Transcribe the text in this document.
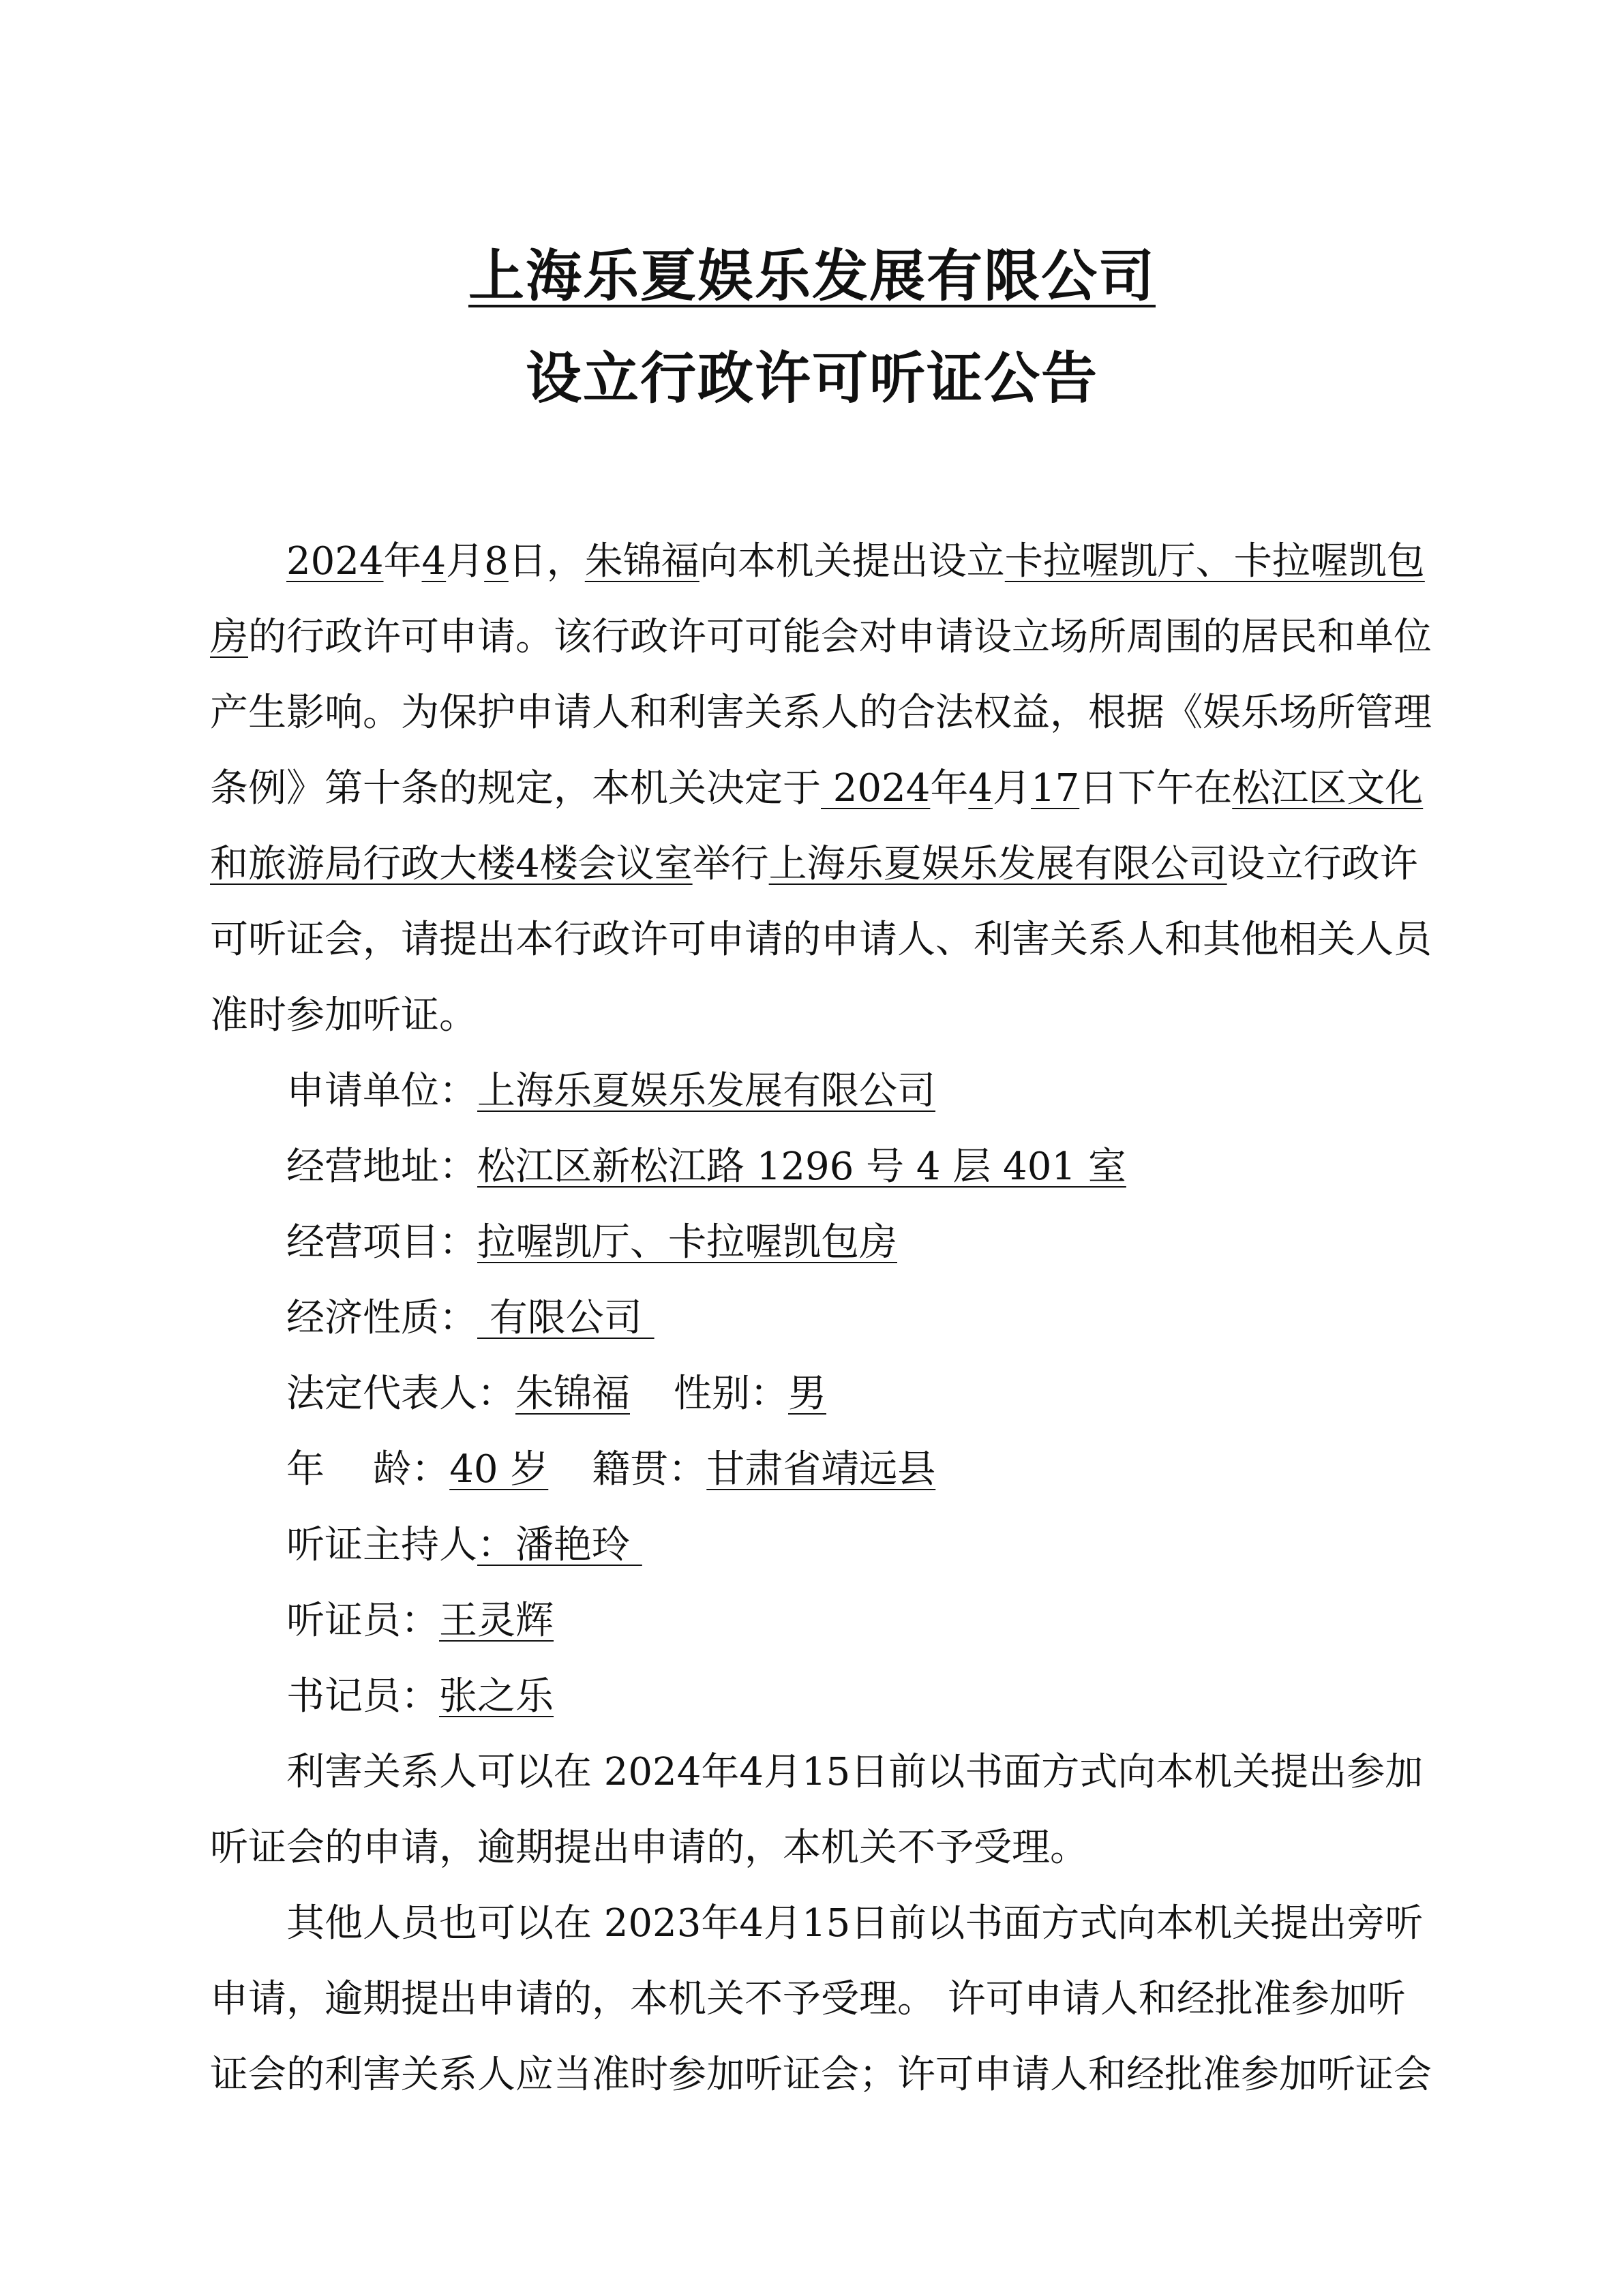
上海乐夏娱乐发展有限公司
设立行政许可听证公告
2024年4月8日，朱锦福向本机关提出设立卡拉喔凯厅、卡拉喔凯包
房的行政许可申请。该行政许可可能会对申请设立场所周围的居民和单位
产生影响。为保护申请人和利害关系人的合法权益，根据《娱乐场所管理
条例》第十条的规定，本机关决定于 2024年4月17日下午在松江区文化
和旅游局行政大楼4楼会议室举行上海乐夏娱乐发展有限公司设立行政许
可听证会，请提出本行政许可申请的申请人、利害关系人和其他相关人员
准时参加听证。
申请单位：上海乐夏娱乐发展有限公司
经营地址：松江区新松江路 1296 号 4 层 401 室
经营项目：拉喔凯厅、卡拉喔凯包房
经济性质： 有限公司
法定代表人：朱锦福 性别：男
年    龄：40 岁 籍贯：甘肃省靖远县
听证主持人：潘艳玲
听证员：王灵辉
书记员：张之乐
利害关系人可以在 2024年4月15日前以书面方式向本机关提出参加
听证会的申请，逾期提出申请的，本机关不予受理。
其他人员也可以在 2023年4月15日前以书面方式向本机关提出旁听
申请，逾期提出申请的，本机关不予受理。 许可申请人和经批准参加听
证会的利害关系人应当准时参加听证会；许可申请人和经批准参加听证会
